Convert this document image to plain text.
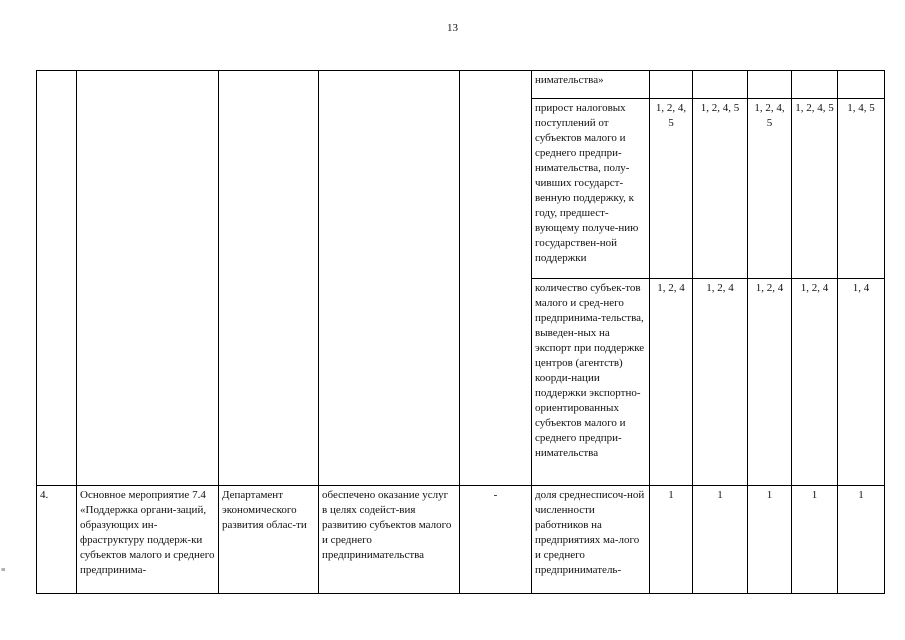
13
≡
					нимательства»					
					прирост налоговых поступлений от субъектов малого и среднего предпри-нимательства, полу-чивших государст-венную поддержку, к году, предшест-вующему получе-нию государствен-ной поддержки	1, 2, 4, 5	1, 2, 4, 5	1, 2, 4, 5	1, 2, 4, 5	1, 4, 5
					количество субъек-тов малого и сред-него предпринима-тельства, выведен-ных на экспорт при поддержке центров (агентств) коорди-нации поддержки экспортно-ориентированных субъектов малого и среднего предпри-нимательства	1, 2, 4	1, 2, 4	1, 2, 4	1, 2, 4	1, 4
4.	Основное мероприятие 7.4 «Поддержка органи-заций, образующих ин-фраструктуру поддерж-ки субъектов малого и среднего предпринима-	Департамент экономического развития облас-ти	обеспечено оказание услуг в целях содейст-вия развитию субъектов малого и среднего предпринимательства	-	доля среднесписоч-ной численности работников на предприятиях ма-лого и среднего предприниматель-	1	1	1	1	1
